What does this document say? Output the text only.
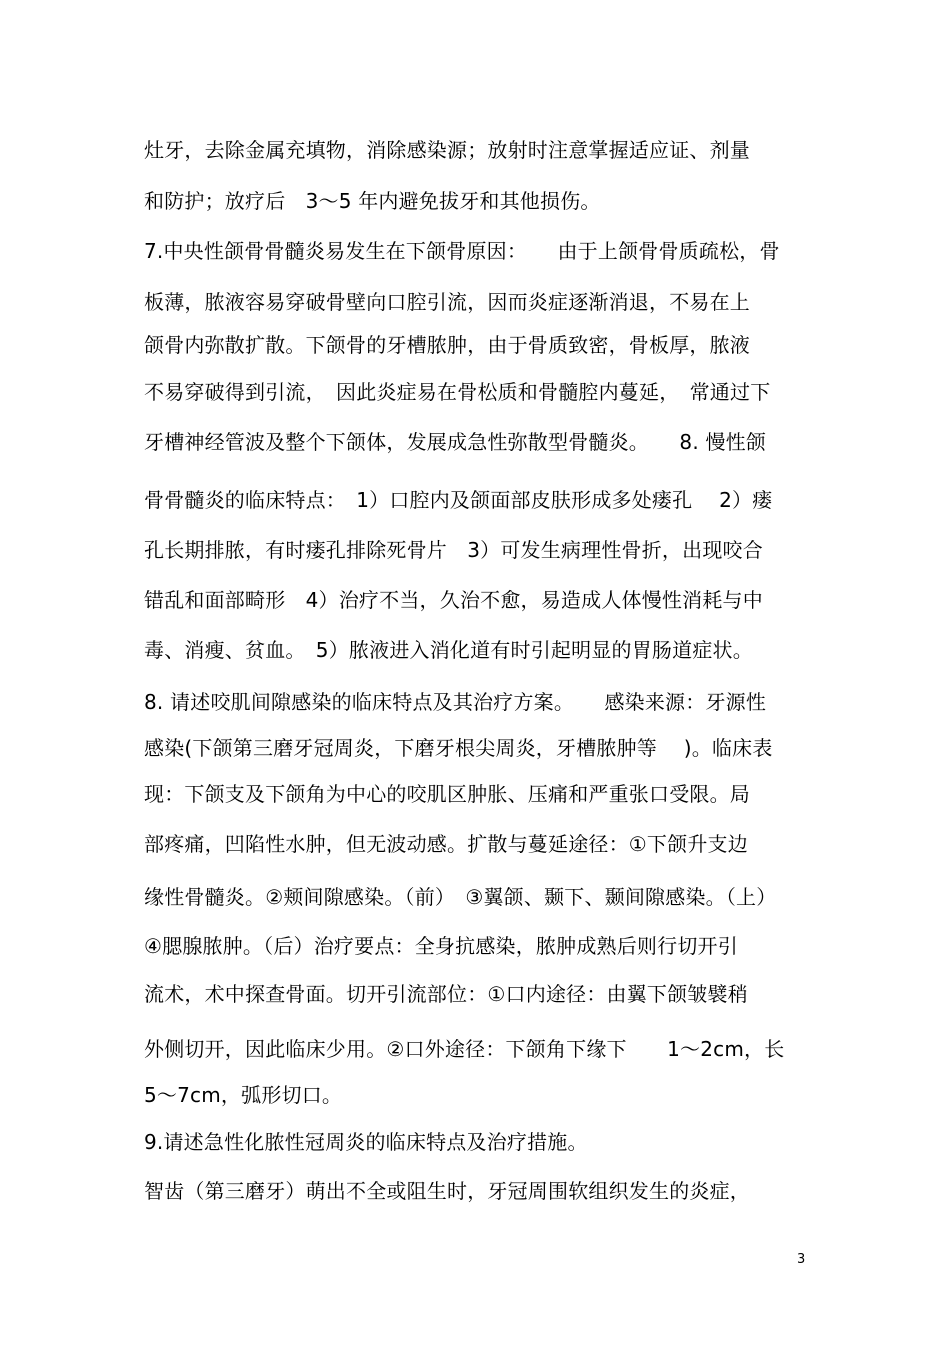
灶牙，去除金属充填物，消除感染源；放射时注意掌握适应证、剂量
和防护；放疗后　3～5 年内避免拔牙和其他损伤。
7.中央性颌骨骨髓炎易发生在下颌骨原因：　　由于上颌骨骨质疏松，骨
板薄，脓液容易穿破骨壁向口腔引流，因而炎症逐渐消退，不易在上
颌骨内弥散扩散。下颌骨的牙槽脓肿，由于骨质致密，骨板厚，脓液
不易穿破得到引流，　因此炎症易在骨松质和骨髓腔内蔓延，　常通过下
牙槽神经管波及整个下颌体，发展成急性弥散型骨髓炎。　　8. 慢性颌
骨骨髓炎的临床特点：　1）口腔内及颌面部皮肤形成多处瘘孔　 2）瘘
孔长期排脓，有时瘘孔排除死骨片　3）可发生病理性骨折，出现咬合
错乱和面部畸形　4）治疗不当，久治不愈，易造成人体慢性消耗与中
毒、消瘦、贫血。　5）脓液进入消化道有时引起明显的胃肠道症状。
8. 请述咬肌间隙感染的临床特点及其治疗方案。　　感染来源：牙源性
感染(下颌第三磨牙冠周炎，下磨牙根尖周炎，牙槽脓肿等　 )。临床表
现：下颌支及下颌角为中心的咬肌区肿胀、压痛和严重张口受限。局
部疼痛，凹陷性水肿，但无波动感。扩散与蔓延途径：①下颌升支边
缘性骨髓炎。②颊间隙感染。（前）　③翼颌、颞下、颞间隙感染。（上）
④腮腺脓肿。（后）治疗要点：全身抗感染，脓肿成熟后则行切开引
流术，术中探查骨面。切开引流部位：①口内途径：由翼下颌皱襞稍
外侧切开，因此临床少用。②口外途径：下颌角下缘下　　1～2cm，长
5～7cm，弧形切口。
9.请述急性化脓性冠周炎的临床特点及治疗措施。
智齿（第三磨牙）萌出不全或阻生时，牙冠周围软组织发生的炎症，
3
